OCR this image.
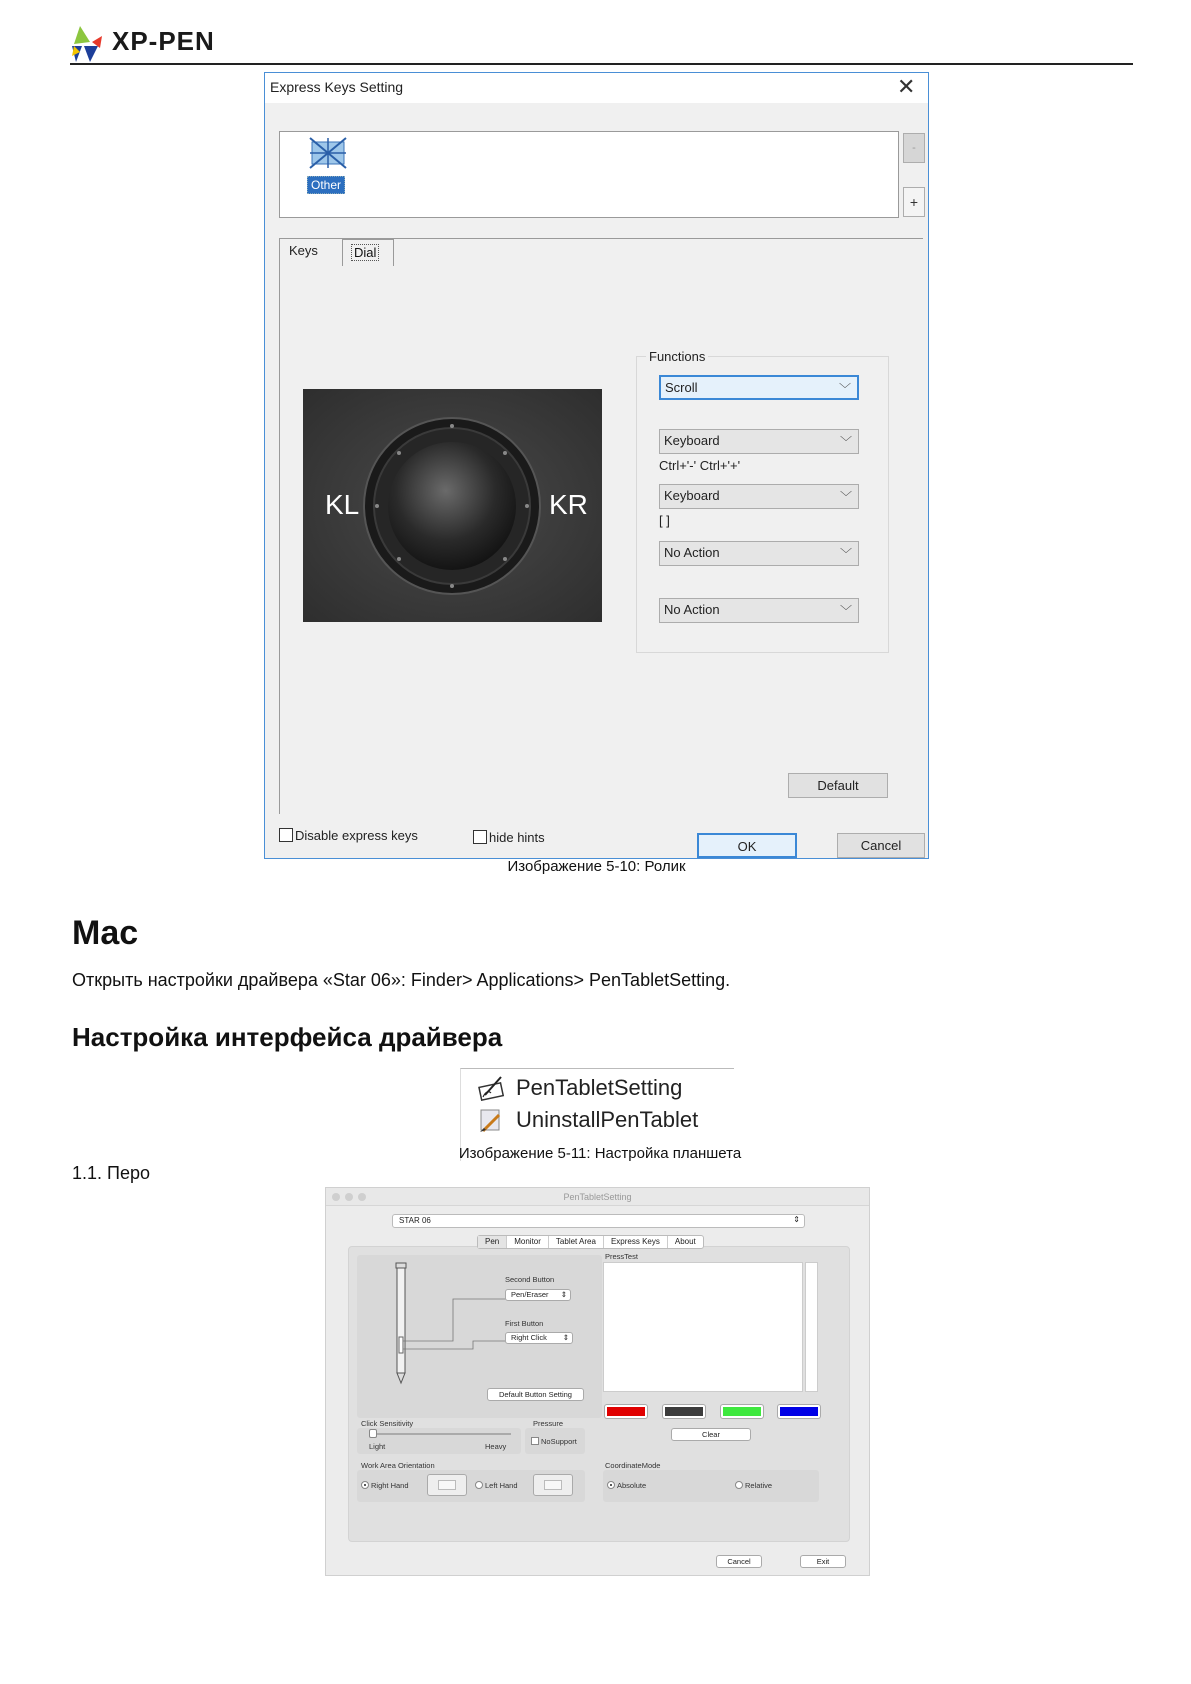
XP-PEN
Express Keys Setting	✕
Other
-
+
Keys	Dial
KL	KR
Functions
Scroll	﹀
Keyboard	﹀
Ctrl+'-' Ctrl+'+'
Keyboard	﹀
[ ]
No Action	﹀
No Action	﹀
Default
Disable express keys	hide hints
OK	Cancel
Изображение 5-10: Ролик
Mac
Открыть настройки драйвера «Star 06»: Finder> Applications> PenTabletSetting.
Настройка интерфейса драйвера
PenTabletSetting
UninstallPenTablet
Изображение 5-11: Настройка планшета
1.1. Перо
PenTabletSetting
STAR 06	⇕
Second Button
Pen/Eraser ⇕
First Button
Right Click ⇕
Default Button Setting
PressTest
Clear
Click Sensitivity
Light	Heavy
Pressure
NoSupport
Work Area Orientation
Right Hand	Left Hand
CoordinateMode
Absolute	Relative
Pen	Monitor	Tablet Area	Express Keys	About
Cancel	Exit
